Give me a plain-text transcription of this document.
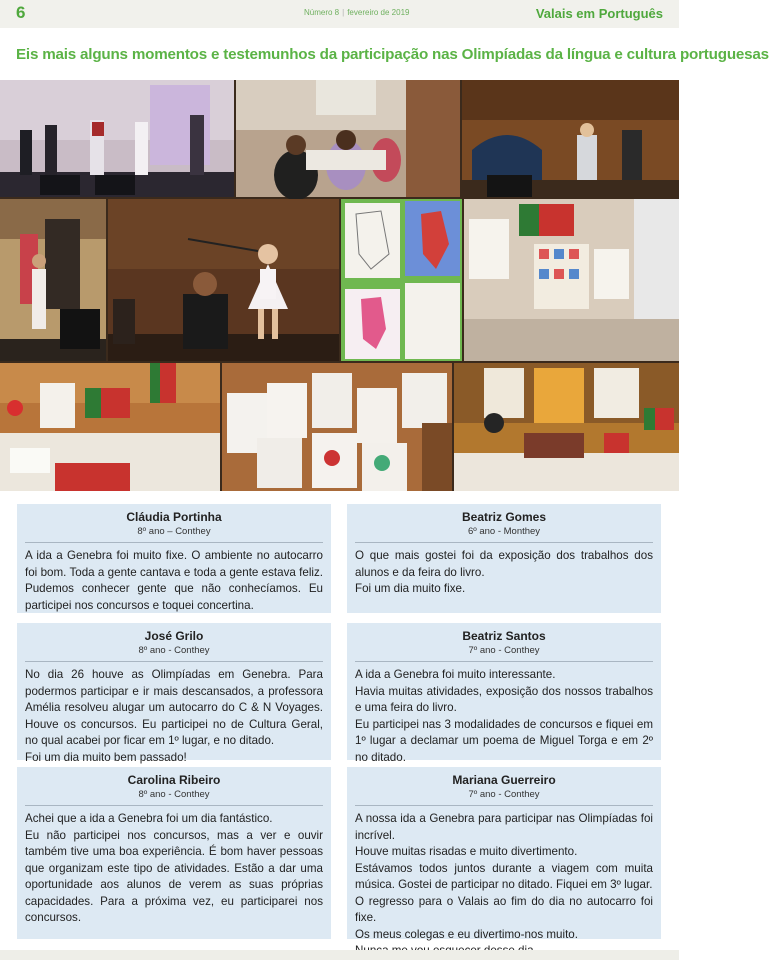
6	Número 8 | fevereiro de 2019	Valais em Português
Eis mais alguns momentos e testemunhos da participação nas Olimpíadas da língua e cultura portuguesas
Cláudia Portinha
8º ano – Conthey

A ida a Genebra foi muito fixe. O ambiente no autocarro foi bom. Toda a gente cantava e toda a gente estava feliz. Pudemos conhecer gente que não conhecíamos. Eu participei nos concursos e toquei concertina.

Beatriz Gomes
6º ano - Monthey

O que mais gostei foi da exposição dos trabalhos dos alunos e da feira do livro.

Foi um dia muito fixe.

José Grilo
8º ano - Conthey

No dia 26 houve as Olimpíadas em Genebra. Para podermos participar e ir mais descansados, a professora Amélia resolveu alugar um autocarro do C & N Voyages. Houve os concursos. Eu participei no de Cultura Geral, no qual acabei por ficar em 1º lugar, e no ditado.

Foi um dia muito bem passado!

Beatriz Santos
7º ano - Conthey

A ida a Genebra foi muito interessante.

Havia muitas atividades, exposição dos nossos trabalhos e uma feira do livro.

Eu participei nas 3 modalidades de concursos e fiquei em 1º lugar a declamar um poema de Miguel Torga e em 2º no ditado.

Carolina Ribeiro
8º ano - Conthey

Achei que a ida a Genebra foi um dia fantástico.

Eu não participei nos concursos, mas a ver e ouvir também tive uma boa experiência. É bom haver pessoas que organizam este tipo de atividades. Estão a dar uma oportunidade aos alunos de verem as suas próprias capacidades. Para a próxima vez, eu participarei nos concursos.

Mariana Guerreiro
7º ano - Conthey

A nossa ida a Genebra para participar nas Olimpíadas foi incrível.

Houve muitas risadas e muito divertimento.

Estávamos todos juntos durante a viagem com muita música. Gostei de participar no ditado. Fiquei em 3º lugar.

O regresso para o Valais ao fim do dia no autocarro foi fixe.

Os meus colegas e eu divertimo-nos muito.
